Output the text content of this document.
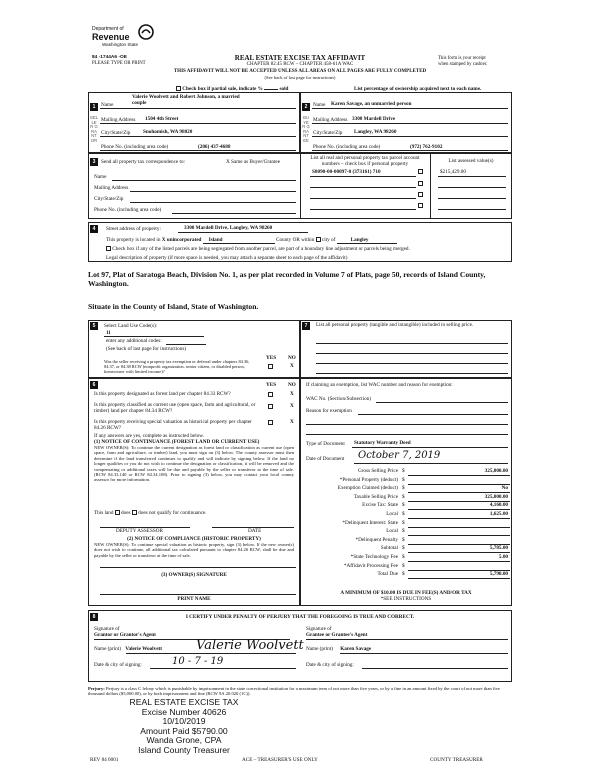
Department of
Revenue
Washington State
84 -1744A6 -OE
PLEASE TYPE OR PRINT
REAL ESTATE EXCISE TAX AFFIDAVIT
CHAPTER 82.45 RCW – CHAPTER 458-61A WAC
This form is your receipt
when stamped by cashier.
THIS AFFIDAVIT WILL NOT BE ACCEPTED UNLESS ALL AREAS ON ALL PAGES ARE FULLY COMPLETED
(See back of last page for instructions)
Check box if partial sale, indicate %	sold	List percentage of ownership acquired next to each name.
1	2
SELLER GRANTOR
BUYER GRANTEE
Valerie Woolvett and Robert Johnson, a married
Name	couple
Mailing Address 1504 4th Street
City/State/Zip Snohomish, WA 98020
Phone No. (including area code)	(206) 437-4688
Name Karen Savage, an unmarried person
Mailing Address 3300 Mardell Drive
City/State/Zip Langley, WA 98260
Phone No. (including area code)	(972) 762-9102
3	Send all property tax correspondence to:	X Same as Buyer/Grantee
Name
Mailing Address
City/State/Zip
Phone No. (including area code)
List all real and personal property tax parcel account
numbers – check box if personal property	List assessed value(s)
S8090-00-00097-0 (373161) 710	$215,429.00
4	Street address of property:	3300 Mardell Drive, Langley, WA 98260
This property is located in X unincorporated Island	County OR within city of	Langley
Check box if any of the listed parcels are being segregated from another parcel, are part of a boundary line adjustment or parcels being merged.
Legal description of property (if more space is needed, you may attach a separate sheet to each page of the affidavit)
Lot 97, Plat of Saratoga Beach, Division No. 1, as per plat recorded in Volume 7 of Plats, page 50, records of Island County, Washington.
Situate in the County of Island, State of Washington.
5	Select Land Use Code(s):
11
enter any additional codes:
(See back of last page for instructions)
YES NO
Was the seller receiving a property tax exemption or deferral under chapters 84.36, 84.37, or 84.38 RCW (nonprofit organization, senior citizen, or disabled person, homeowner with limited income)?
X
7	List all personal property (tangible and intangible) included in selling price.
6	YES NO
Is this property designated as forest land per chapter 84.33 RCW?	X
Is this property classified as current use (open space, farm and agricultural, or timber) land per chapter 84.34 RCW?
X
Is this property receiving special valuation as historical property per chapter 84.26 RCW?
X
If any answers are yes, complete as instructed below.
(1) NOTICE OF CONTINUANCE (FOREST LAND OR CURRENT USE)
NEW OWNER(S): To continue the current designation as forest land or classification as current use (open space, farm and agriculture, or timber) land, you must sign on (3) below. The county assessor must then determine if the land transferred continues to qualify and will indicate by signing below. If the land no longer qualifies or you do not wish to continue the designation or classification, it will be removed and the compensating or additional taxes will be due and payable by the seller or transferor at the time of sale. (RCW 84.33.140 or RCW 84.34.108). Prior to signing (3) below, you may contact your local county assessor for more information.
This land does does not qualify for continuance.
DEPUTY ASSESSOR	DATE
(2) NOTICE OF COMPLIANCE (HISTORIC PROPERTY)
NEW OWNER(S): To continue special valuation as historic property, sign (3) below. If the new owner(s) does not wish to continue, all additional tax calculated pursuant to chapter 84.26 RCW, shall be due and payable by the seller or transferor at the time of sale.
(3) OWNER(S) SIGNATURE
PRINT NAME
If claiming an exemption, list WAC number and reason for exemption:
WAC No. (Section/Subsection)
Reason for exemption
Type of Document Statutory Warranty Deed
Date of Document October 7, 2019
Gross Selling Price $	325,000.00
*Personal Property (deduct) $
Exemption Claimed (deduct) $	No
Taxable Selling Price $	325,000.00
Excise Tax: State $	4,160.00
Local $	1,625.00
*Delinquent Interest: State $
Local $
*Delinquent Penalty $
Subtotal $	5,785.00
*State Technology Fee $	5.00
*Affidavit Processing Fee $
Total Due $	5,790.00
A MINIMUM OF $10.00 IS DUE IN FEE(S) AND/OR TAX
*SEE INSTRUCTIONS
8	I CERTIFY UNDER PENALTY OF PERJURY THAT THE FOREGOING IS TRUE AND CORRECT.
Signature of
Grantor or Grantor's Agent
Name (print) Valerie Woolvett	Valerie Woolvett
Date & city of signing:	10 - 7 - 19
Signature of
Grantee or Grantee's Agent
Name (print) Karen Savage
Date & city of signing:
Perjury: Perjury is a class C felony which is punishable by imprisonment in the state correctional institution for a maximum term of not more than five years, or by a fine in an amount fixed by the court of not more than five thousand dollars ($5,000.00), or by both imprisonment and fine (RCW 9A.20.020 (1C)).
REAL ESTATE EXCISE TAX
Excise Number 40626
10/10/2019
Amount Paid $5790.00
Wanda Grone, CPA
Island County Treasurer
REV 84 0001	ACE – TREASURER'S USE ONLY	COUNTY TREASURER
